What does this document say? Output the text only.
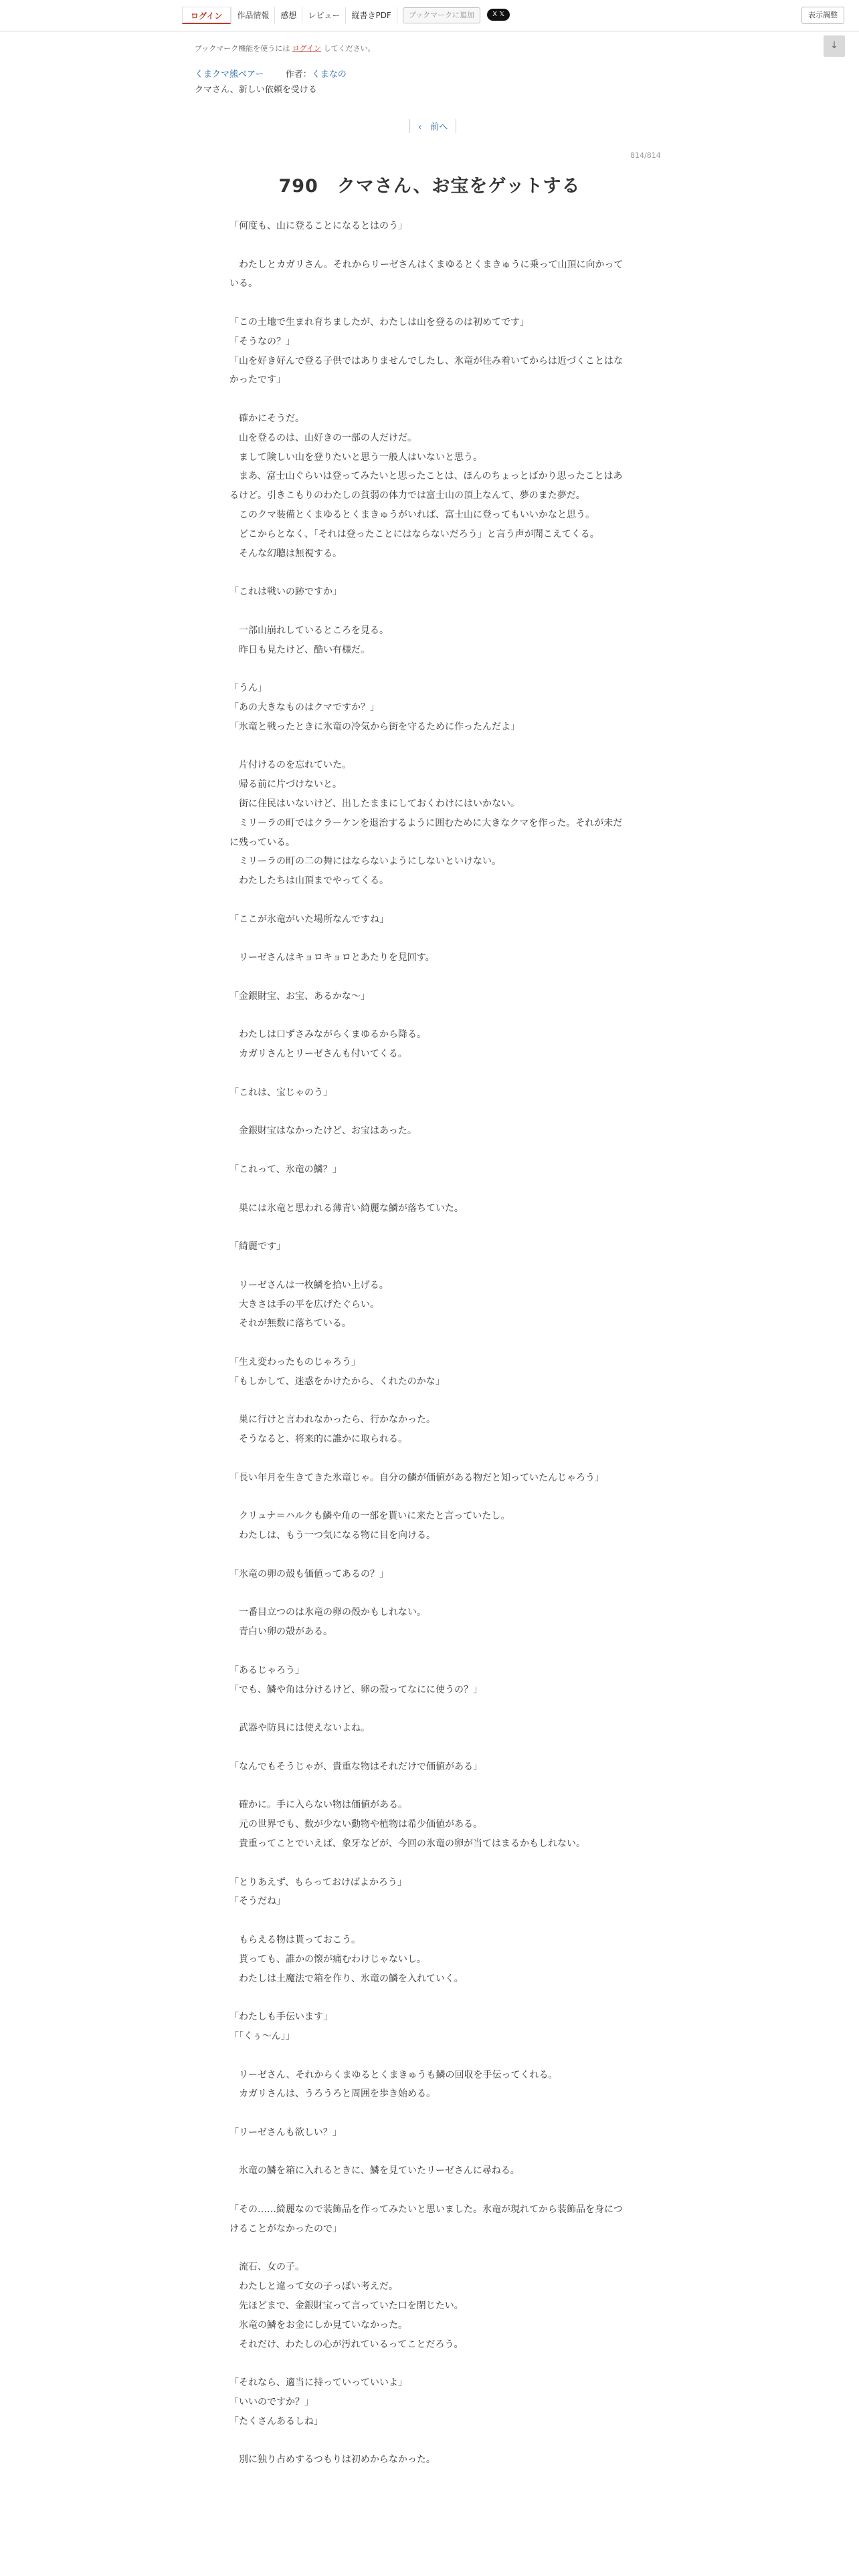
ログイン	作品情報	感想	レビュー	縦書きPDF	ブックマークに追加	X 𝕏	表示調整
↓
ブックマーク機能を使うには ログイン してください。
くまクマ熊ベアー 作者：くまなの
クマさん、新しい依頼を受ける
‹　前へ
814/814
790　クマさん、お宝をゲットする

「何度も、山に登ることになるとはのう」

　わたしとカガリさん。それからリーゼさんはくまゆるとくまきゅうに乗って山頂に向かっている。

「この土地で生まれ育ちましたが、わたしは山を登るのは初めてです」

「そうなの？」

「山を好き好んで登る子供ではありませんでしたし、氷竜が住み着いてからは近づくことはなかったです」

　確かにそうだ。

　山を登るのは、山好きの一部の人だけだ。

　まして険しい山を登りたいと思う一般人はいないと思う。

　まあ、富士山ぐらいは登ってみたいと思ったことは、ほんのちょっとばかり思ったことはあるけど。引きこもりのわたしの貧弱の体力では富士山の頂上なんて、夢のまた夢だ。

　このクマ装備とくまゆるとくまきゅうがいれば、富士山に登ってもいいかなと思う。

　どこからとなく、「それは登ったことにはならないだろう」と言う声が聞こえてくる。

　そんな幻聴は無視する。

「これは戦いの跡ですか」

　一部山崩れしているところを見る。

　昨日も見たけど、酷い有様だ。

「うん」

「あの大きなものはクマですか？」

「氷竜と戦ったときに氷竜の冷気から街を守るために作ったんだよ」

　片付けるのを忘れていた。

　帰る前に片づけないと。

　街に住民はいないけど、出したままにしておくわけにはいかない。

　ミリーラの町ではクラーケンを退治するように囲むために大きなクマを作った。それが未だに残っている。

　ミリーラの町の二の舞にはならないようにしないといけない。

　わたしたちは山頂までやってくる。

「ここが氷竜がいた場所なんですね」

　リーゼさんはキョロキョロとあたりを見回す。

「金銀財宝、お宝、あるかな〜」

　わたしは口ずさみながらくまゆるから降る。

　カガリさんとリーゼさんも付いてくる。

「これは、宝じゃのう」

　金銀財宝はなかったけど、お宝はあった。

「これって、氷竜の鱗？」

　巣には氷竜と思われる薄青い綺麗な鱗が落ちていた。

「綺麗です」

　リーゼさんは一枚鱗を拾い上げる。

　大きさは手の平を広げたぐらい。

　それが無数に落ちている。

「生え変わったものじゃろう」

「もしかして、迷惑をかけたから、くれたのかな」

　巣に行けと言われなかったら、行かなかった。

　そうなると、将来的に誰かに取られる。

「長い年月を生きてきた氷竜じゃ。自分の鱗が価値がある物だと知っていたんじゃろう」

　クリュナ＝ハルクも鱗や角の一部を貰いに来たと言っていたし。

　わたしは、もう一つ気になる物に目を向ける。

「氷竜の卵の殻も価値ってあるの？」

　一番目立つのは氷竜の卵の殻かもしれない。

　青白い卵の殻がある。

「あるじゃろう」

「でも、鱗や角は分けるけど、卵の殻ってなにに使うの？」

　武器や防具には使えないよね。

「なんでもそうじゃが、貴重な物はそれだけで価値がある」

　確かに。手に入らない物は価値がある。

　元の世界でも、数が少ない動物や植物は希少価値がある。

　貴重ってことでいえば、象牙などが、今回の氷竜の卵が当てはまるかもしれない。

「とりあえず、もらっておけばよかろう」

「そうだね」

　もらえる物は貰っておこう。

　貰っても、誰かの懐が痛むわけじゃないし。

　わたしは土魔法で箱を作り、氷竜の鱗を入れていく。

「わたしも手伝います」

「「くぅ〜ん」」

　リーゼさん、それからくまゆるとくまきゅうも鱗の回収を手伝ってくれる。

　カガリさんは、うろうろと周囲を歩き始める。

「リーゼさんも欲しい？」

　氷竜の鱗を箱に入れるときに、鱗を見ていたリーゼさんに尋ねる。

「その……綺麗なので装飾品を作ってみたいと思いました。氷竜が現れてから装飾品を身につけることがなかったので」

　流石、女の子。

　わたしと違って女の子っぽい考えだ。

　先ほどまで、金銀財宝って言っていた口を閉じたい。

　氷竜の鱗をお金にしか見ていなかった。

　それだけ、わたしの心が汚れているってことだろう。

「それなら、適当に持っていっていいよ」

「いいのですか？」

「たくさんあるしね」

　別に独り占めするつもりは初めからなかった。
